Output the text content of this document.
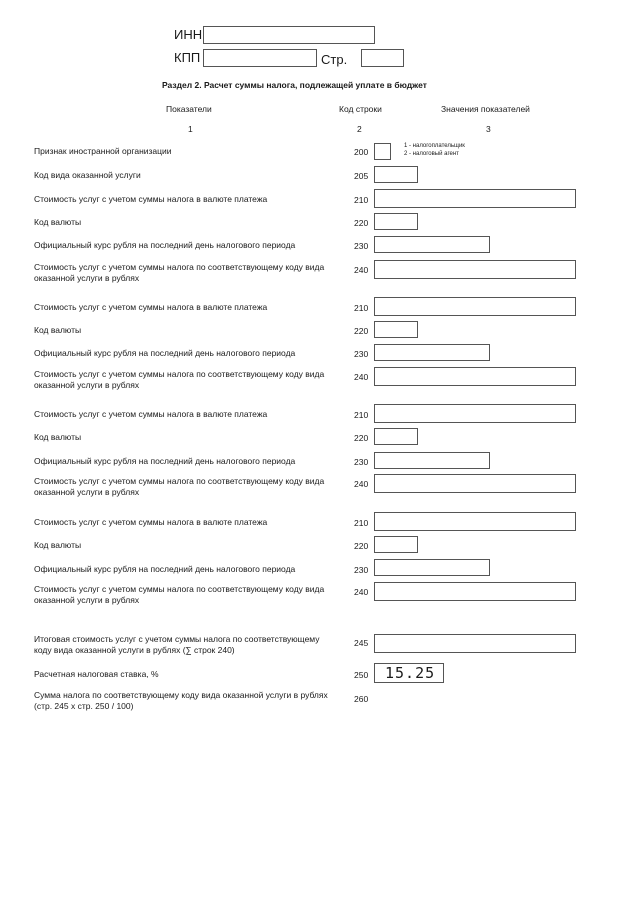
ИНН
КПП	Стр.
Раздел 2. Расчет суммы налога, подлежащей уплате в бюджет
Показатели	Код строки	Значения показателей
1	2	3
Признак иностранной организации	200
1 - налогоплательщик
2 - налоговый агент
Код вида оказанной услуги	205
Стоимость услуг с учетом суммы налога в валюте платежа	210
Код валюты	220
Официальный курс рубля на последний день налогового периода	230
Стоимость услуг с учетом суммы налога по соответствующему коду вида
оказанной услуги в рублях
240
Стоимость услуг с учетом суммы налога в валюте платежа	210
Код валюты	220
Официальный курс рубля на последний день налогового периода	230
Стоимость услуг с учетом суммы налога по соответствующему коду вида
оказанной услуги в рублях
240
Стоимость услуг с учетом суммы налога в валюте платежа	210
Код валюты	220
Официальный курс рубля на последний день налогового периода	230
Стоимость услуг с учетом суммы налога по соответствующему коду вида
оказанной услуги в рублях
240
Стоимость услуг с учетом суммы налога в валюте платежа	210
Код валюты	220
Официальный курс рубля на последний день налогового периода	230
Стоимость услуг с учетом суммы налога по соответствующему коду вида
оказанной услуги в рублях
240
Итоговая стоимость услуг с учетом суммы налога по соответствующему
коду вида оказанной услуги в рублях (∑ строк 240)
245
Расчетная налоговая ставка, %	250	15.25
Сумма налога по соответствующему коду вида оказанной услуги в рублях
(стр. 245 х стр. 250 / 100)
260
